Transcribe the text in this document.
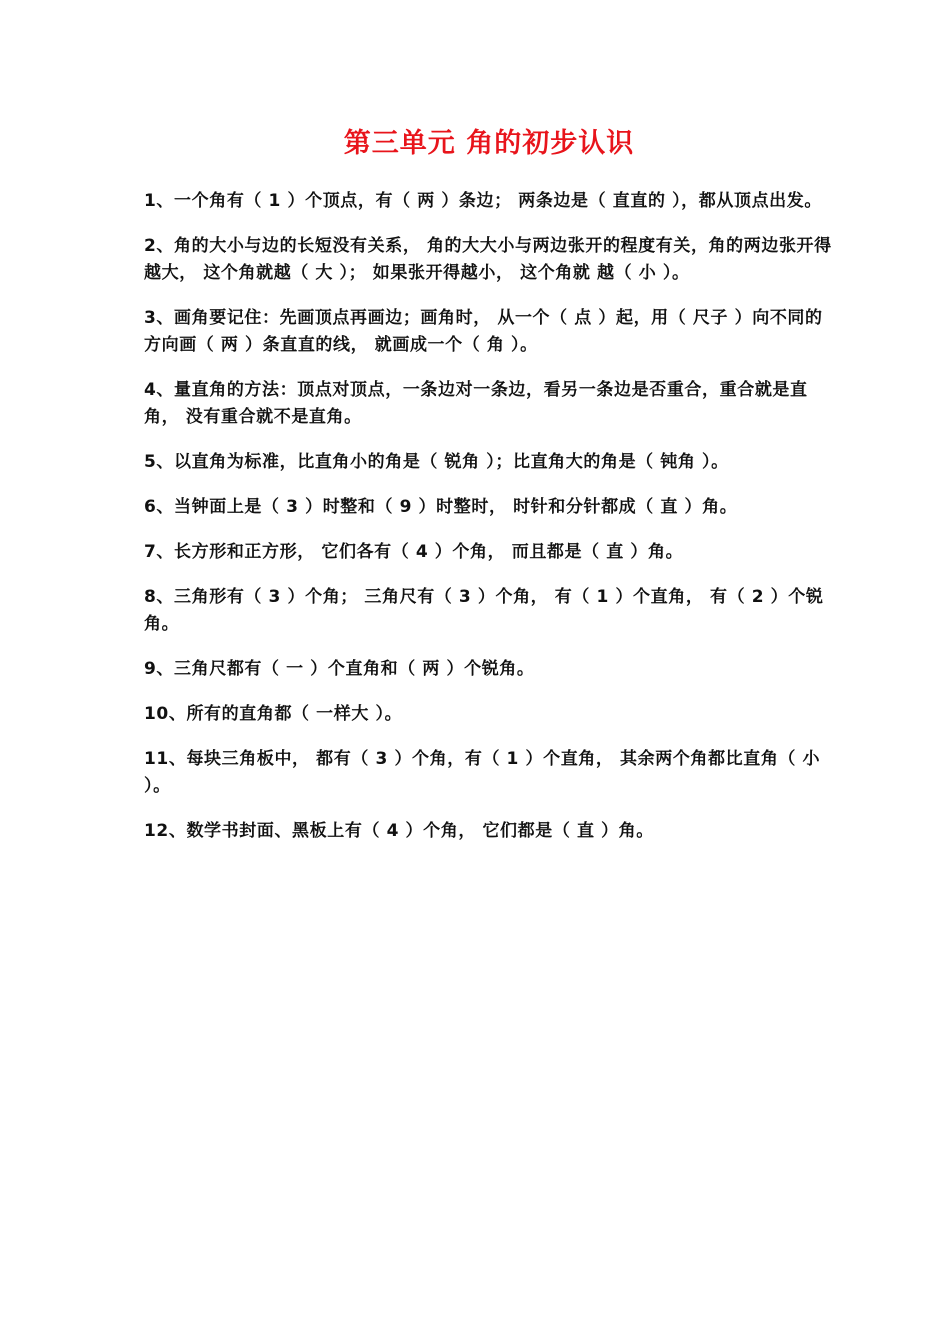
第三单元 角的初步认识
1、一个角有（ 1 ）个顶点，有（ 两 ）条边； 两条边是（ 直直的 ），都从顶点出发。
2、角的大小与边的长短没有关系， 角的大大小与两边张开的程度有关，角的两边张开得越大， 这个角就越（ 大 ）； 如果张开得越小， 这个角就 越（ 小 ）。
3、画角要记住：先画顶点再画边；画角时， 从一个（ 点 ）起，用（ 尺子 ）向不同的方向画（ 两 ）条直直的线， 就画成一个（ 角 ）。
4、量直角的方法：顶点对顶点，一条边对一条边，看另一条边是否重合，重合就是直角， 没有重合就不是直角。
5、以直角为标准，比直角小的角是（ 锐角 ）；比直角大的角是（ 钝角 ）。
6、当钟面上是（ 3 ）时整和（ 9 ）时整时， 时针和分针都成（ 直 ）角。
7、长方形和正方形， 它们各有（ 4 ）个角， 而且都是（ 直 ）角。
8、三角形有（ 3 ）个角； 三角尺有（ 3 ）个角， 有（ 1 ）个直角， 有（ 2 ）个锐角。
9、三角尺都有（ 一 ）个直角和（ 两 ）个锐角。
10、所有的直角都（ 一样大 ）。
11、每块三角板中， 都有（ 3 ）个角，有（ 1 ）个直角， 其余两个角都比直角（ 小 ）。
12、数学书封面、黑板上有（ 4 ）个角， 它们都是（ 直 ）角。
